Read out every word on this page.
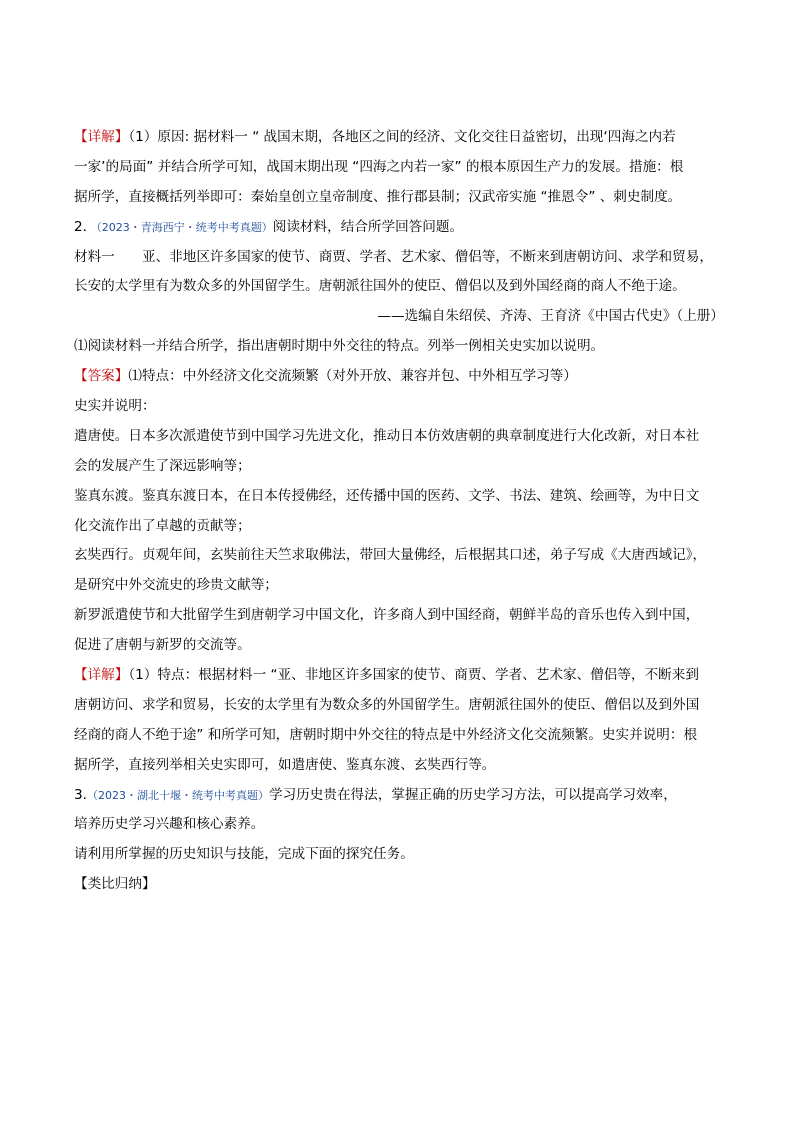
【详解】（1）原因: 据材料一 “ 战国末期，各地区之间的经济、文化交往日益密切，出现‘四海之内若
一家’的局面” 并结合所学可知，战国末期出现 “四海之内若一家” 的根本原因生产力的发展。措施：根
据所学，直接概括列举即可：秦始皇创立皇帝制度、推行郡县制；汉武帝实施 “推恩令” 、刺史制度。
2．（2023・青海西宁・统考中考真题）阅读材料，结合所学回答问题。
材料一 亚、非地区许多国家的使节、商贾、学者、艺术家、僧侣等，不断来到唐朝访问、求学和贸易，
长安的太学里有为数众多的外国留学生。唐朝派往国外的使臣、僧侣以及到外国经商的商人不绝于途。
——选编自朱绍侯、齐涛、王育济《中国古代史》（上册）
⑴阅读材料一并结合所学，指出唐朝时期中外交往的特点。列举一例相关史实加以说明。
【答案】⑴特点：中外经济文化交流频繁（对外开放、兼容并包、中外相互学习等）
史实并说明：
遣唐使。日本多次派遣使节到中国学习先进文化，推动日本仿效唐朝的典章制度进行大化改新，对日本社
会的发展产生了深远影响等；
鉴真东渡。鉴真东渡日本，在日本传授佛经，还传播中国的医药、文学、书法、建筑、绘画等，为中日文
化交流作出了卓越的贡献等；
玄奘西行。贞观年间，玄奘前往天竺求取佛法，带回大量佛经，后根据其口述，弟子写成《大唐西域记》，
是研究中外交流史的珍贵文献等；
新罗派遣使节和大批留学生到唐朝学习中国文化，许多商人到中国经商，朝鲜半岛的音乐也传入到中国，
促进了唐朝与新罗的交流等。
【详解】（1）特点：根据材料一 “亚、非地区许多国家的使节、商贾、学者、艺术家、僧侣等，不断来到
唐朝访问、求学和贸易，长安的太学里有为数众多的外国留学生。唐朝派往国外的使臣、僧侣以及到外国
经商的商人不绝于途” 和所学可知，唐朝时期中外交往的特点是中外经济文化交流频繁。史实并说明：根
据所学，直接列举相关史实即可，如遣唐使、鉴真东渡、玄奘西行等。
3.（2023・湖北十堰・统考中考真题）学习历史贵在得法，掌握正确的历史学习方法，可以提高学习效率，
培养历史学习兴趣和核心素养。
请利用所掌握的历史知识与技能，完成下面的探究任务。
【类比归纳】
